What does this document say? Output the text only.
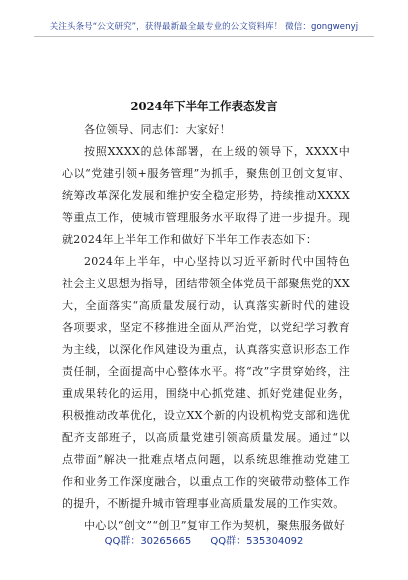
关注头条号“公文研究”，获得最新最全最专业的公文资料库！ 微信：gongwenyj
2024年下半年工作表态发言

各位领导、同志们：大家好！

按照XXXX的总体部署，在上级的领导下，XXXX中心以“党建引领+服务管理”为抓手，聚焦创卫创文复审、统筹改革深化发展和维护安全稳定形势，持续推动XXXX等重点工作，使城市管理服务水平取得了进一步提升。现就2024年上半年工作和做好下半年工作表态如下：

2024年上半年，中心坚持以习近平新时代中国特色社会主义思想为指导，团结带领全体党员干部聚焦党的XX大，全面落实“高质量发展行动，认真落实新时代的建设各项要求，坚定不移推进全面从严治党，以党纪学习教育为主线，以深化作风建设为重点，认真落实意识形态工作责任制，全面提高中心整体水平。将“改”字贯穿始终，注重成果转化的运用，围绕中心抓党建、抓好党建促业务，积极推动改革优化，设立XX个新的内设机构党支部和选优配齐支部班子，以高质量党建引领高质量发展。通过“以点带面”解决一批难点堵点问题，以系统思维推动党建工作和业务工作深度融合，以重点工作的突破带动整体工作的提升，不断提升城市管理事业高质量发展的工作实效。

中心以“创文”“创卫”复审工作为契机，聚焦服务做好

QQ群：30265665 QQ群：535304092
